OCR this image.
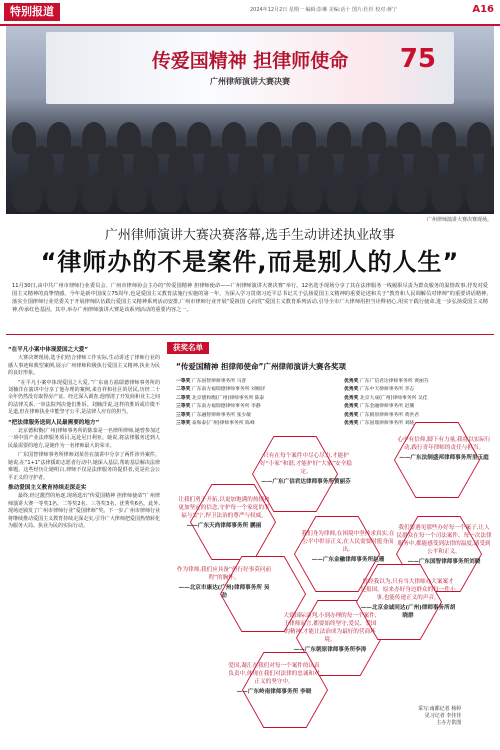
特别报道	2024年12月2日 星期一 编辑:彭琳 美编:话十 图片:杜杉 校对:蒋宁	A16
传爱国精神 担律师使命
广州律师演讲大赛决赛
75
广州律师演讲大赛决赛现场。
广州律师演讲大赛决赛落幕,选手生动讲述执业故事
“律师办的不是案件,而是别人的人生”
11月30日,由中共广州市律师行业委员会、广州市律师协会主办的“传爱国精神 担律师使命——广州律师演讲大赛决赛”举行。12名选手现场分享了其在法律服务一线履职尽责为群众服务的温情故事,抒发对爱国主义精神的真挚情感。今年是新中国成立75周年,也是爱国主义教育法施行实施的第一年。为深入学习贯彻习近平总书记关于弘扬爱国主义精神的重要论述和关于“教育和人民调解员对律师”的重要讲话精神,落实全国律师行业党委关于开展律师队伍践行爱国主义精神系列活动安排,广州市律师行业开展“爱祖国 心向党”爱国主义教育系列活动,引导全市广大律师用担当诠释初心,用实干践行使命,进一步弘扬爱国主义精神,传承红色基因。其中,举办广州律师演讲大赛是该系列活动的重要内容之一。
“在平凡小案中体现爱国之大爱”

大赛决赛现场,选手们结合律师工作实际,生动讲述了律师行业的感人事迹和典型案例,展示广州律师积极执行爱国主义精神,执业为民的良好形象。

“在平凡小案中体现爱国之大爱。”广东南方福瑞德律师事务所的刘楠洋在演讲中分享了他办理的案例,来自祥和社区的居民,历经二十余年仍然没有取得房产证。经过深入调查,他理清了开发商和业主之间的法律关系,一审法院判决他们胜诉。刘楠洋说,这样的胜诉或许微不足道,但在律师执业中能坚守公平,是法律人应有的担当。

“把法律服务送到人民最需要的地方”

北京德和衡(广州)律师事务所的陈泰是一名律所律师,她曾参加过一项中国产业法律服务项目,远赴尼日利亚。她说,将法律服务送到人民最需要的地方,是她作为一名律师最大的荣幸。

广东国智律师事务所律师刘某佳在演讲中分享了两件涉外案件。她说,在“1+1”法律援助志愿者行动中,她深入基层,帮助基层解决法律难题。这些经历让她明白,律师不仅是法律服务的提供者,更是社会公平正义的守护者。

推动爱国主义教育持续走深走实

最终,经过激烈的角逐,现场选出“传爱国精神 担律师使命”广州律师演讲大赛一等奖1名、二等奖2名、三等奖3名、优秀奖6名。此外,现场还颁发了广州市律师行业“爱国律师”奖。下一步,广州市律师行业将继续推动爱国主义教育持续走深走实,引导广大律师把爱国热情转化为服务大局、执业为民的实际行动。

获奖名单
“传爱国精神 担律师使命”广州律师演讲大赛各奖项
一等奖 广东国智律师事务所 马普
二等奖 广东南方福瑞德律师事务所 刘楠洋
二等奖 北京德和衡(广州)律师事务所 陈泰
三等奖 广东南方福瑞德律师事务所 李静
三等奖 广东融智律师事务所 张少敏
三等奖 泰和泰(广州)律师事务所 陈峰
优秀奖 广东广信君达律师事务所 黄丽芬
优秀奖 广东中天律师事务所 李志
优秀奖 北京大成(广州)律师事务所 吴佳
优秀奖 广东金融律师事务所 赵珊
优秀奖 广东朝原律师事务所 黄洪君
优秀奖 广东国鼎律师事务所 刘晓
只有在每个案件中尽心尽力,才能护好“小家”和谐,才能护好“大家”安全稳定。
——广东广信君达律师事务所黄丽芬
我们身为律师,在困境中坚持求真实,在公平中彰显正义,在人民需要时挺身而出。
——广东金融律师事务所赵珊
让我们勇于开拓,以更加饱满的热情和更加坚定的信念,守护每一个家庭的幸福与安宁,捍卫法治的尊严与权威。
——广东天尚律师事务所 鹏丽
作为律师,我们应具备“但行好事莫问前程”的胸怀。
——北京市康达(广州)律师事务所 吴劲
大到国际谈判,小到办理的每一个案件,于律师而言,都要始终坚守,爱民、爱国的精神,才能让法治成为最好的营商环境。
——广东朝原律师事务所李涛
心中有信仰,脚下有力量,我将以实际行动,践行青年律师的责任与担当。
——广东法制盛邦律师事务所里玉庭
我们要遇见那些办好每一个案子,让人民群众在每一个司法案件、每一次法律服务中,都能感受到法律的温度,感受到公平和正义。
——广东国智律师事务所刘晓
曾经我以为,只有当大律师办大案案才是报国。原来办好身边群众的每一件小事,也能传递正义的声音。
——北京金诚同达(广州)律师事务所胡晓群
爱国,凝汇在我们对每一个案件的认真负责中,体现在我们对法律的忠诚和对正义的坚守中。
——广东岭南律师事务所 李晓
采写:南都记者 杨婷
见习记者 李佳佳
主办方供图
